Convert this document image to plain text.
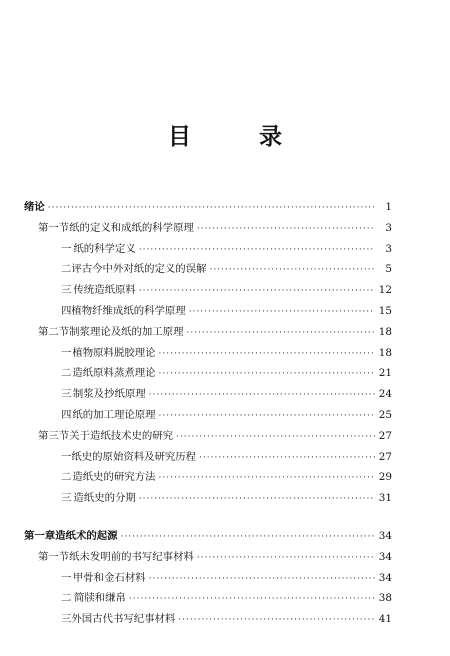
目 录
绪论 ·····	1
第一节 纸的定义和成纸的科学原理 ·····	3
一 纸的科学定义 ·····	3
二 评古今中外对纸的定义的误解 ·····	5
三 传统造纸原料 ·····	12
四 植物纤维成纸的科学原理 ·····	15
第二节 制浆理论及纸的加工原理 ·····	18
一 植物原料脱胶理论 ·····	18
二 造纸原料蒸煮理论 ·····	21
三 制浆及抄纸原理 ·····	24
四 纸的加工理论原理 ·····	25
第三节 关于造纸技术史的研究 ·····	27
一 纸史的原始资料及研究历程 ·····	27
二 造纸史的研究方法 ·····	29
三 造纸史的分期 ·····	31
第一章 造纸术的起源 ·····	34
第一节 纸未发明前的书写纪事材料 ·····	34
一 甲骨和金石材料 ·····	34
二 简牍和缣帛 ·····	38
三 外国古代书写纪事材料 ·····	41
